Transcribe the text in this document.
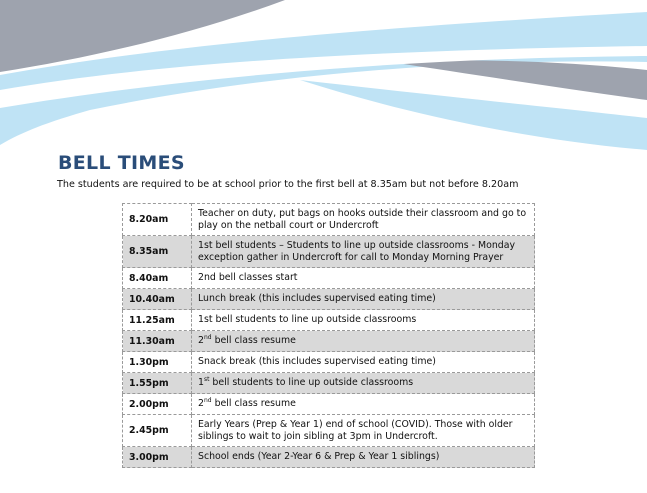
BELL TIMES
The students are required to be at school prior to the first bell at 8.35am but not before 8.20am
8.20am	Teacher on duty, put bags on hooks outside their classroom and go to play on the netball court or Undercroft
8.35am	1st bell students – Students to line up outside classrooms - Monday exception gather in Undercroft for call to Monday Morning Prayer
8.40am	2nd bell classes start
10.40am	Lunch break (this includes supervised eating time)
11.25am	1st bell students to line up outside classrooms
11.30am	2nd bell class resume
1.30pm	Snack break (this includes supervised eating time)
1.55pm	1st bell students to line up outside classrooms
2.00pm	2nd bell class resume
2.45pm	Early Years (Prep & Year 1) end of school (COVID). Those with older siblings to wait to join sibling at 3pm in Undercroft.
3.00pm	School ends (Year 2-Year 6 & Prep & Year 1 siblings)
